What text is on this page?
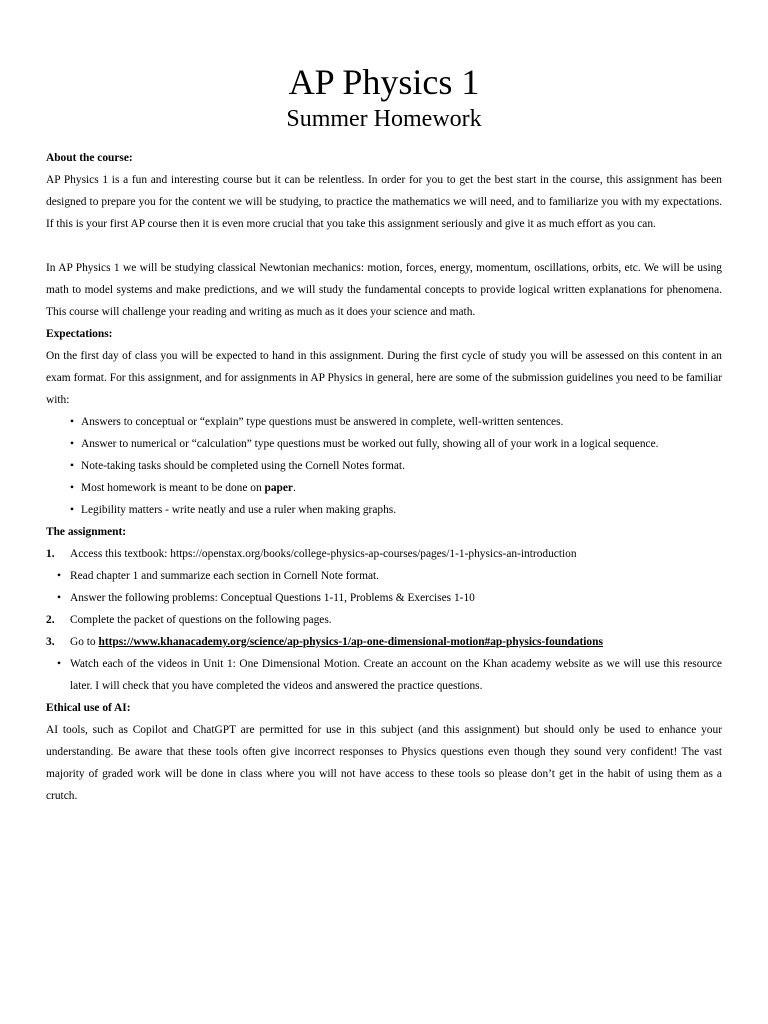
AP Physics 1
Summer Homework

About the course:

AP Physics 1 is a fun and interesting course but it can be relentless. In order for you to get the best start in the course, this assignment has been designed to prepare you for the content we will be studying, to practice the mathematics we will need, and to familiarize you with my expectations. If this is your first AP course then it is even more crucial that you take this assignment seriously and give it as much effort as you can.

In AP Physics 1 we will be studying classical Newtonian mechanics: motion, forces, energy, momentum, oscillations, orbits, etc. We will be using math to model systems and make predictions, and we will study the fundamental concepts to provide logical written explanations for phenomena. This course will challenge your reading and writing as much as it does your science and math.

Expectations:

On the first day of class you will be expected to hand in this assignment. During the first cycle of study you will be assessed on this content in an exam format. For this assignment, and for assignments in AP Physics in general, here are some of the submission guidelines you need to be familiar with:

• Answers to conceptual or “explain” type questions must be answered in complete, well-written sentences.
• Answer to numerical or “calculation” type questions must be worked out fully, showing all of your work in a logical sequence.
• Note-taking tasks should be completed using the Cornell Notes format.
• Most homework is meant to be done on paper.
• Legibility matters - write neatly and use a ruler when making graphs.

The assignment:

1. Access this textbook: https://openstax.org/books/college-physics-ap-courses/pages/1-1-physics-an-introduction
• Read chapter 1 and summarize each section in Cornell Note format.
• Answer the following problems: Conceptual Questions 1-11, Problems & Exercises 1-10
2. Complete the packet of questions on the following pages.
3. Go to https://www.khanacademy.org/science/ap-physics-1/ap-one-dimensional-motion#ap-physics-foundations
• Watch each of the videos in Unit 1: One Dimensional Motion. Create an account on the Khan academy website as we will use this resource later. I will check that you have completed the videos and answered the practice questions.

Ethical use of AI:

AI tools, such as Copilot and ChatGPT are permitted for use in this subject (and this assignment) but should only be used to enhance your understanding. Be aware that these tools often give incorrect responses to Physics questions even though they sound very confident! The vast majority of graded work will be done in class where you will not have access to these tools so please don’t get in the habit of using them as a crutch.
